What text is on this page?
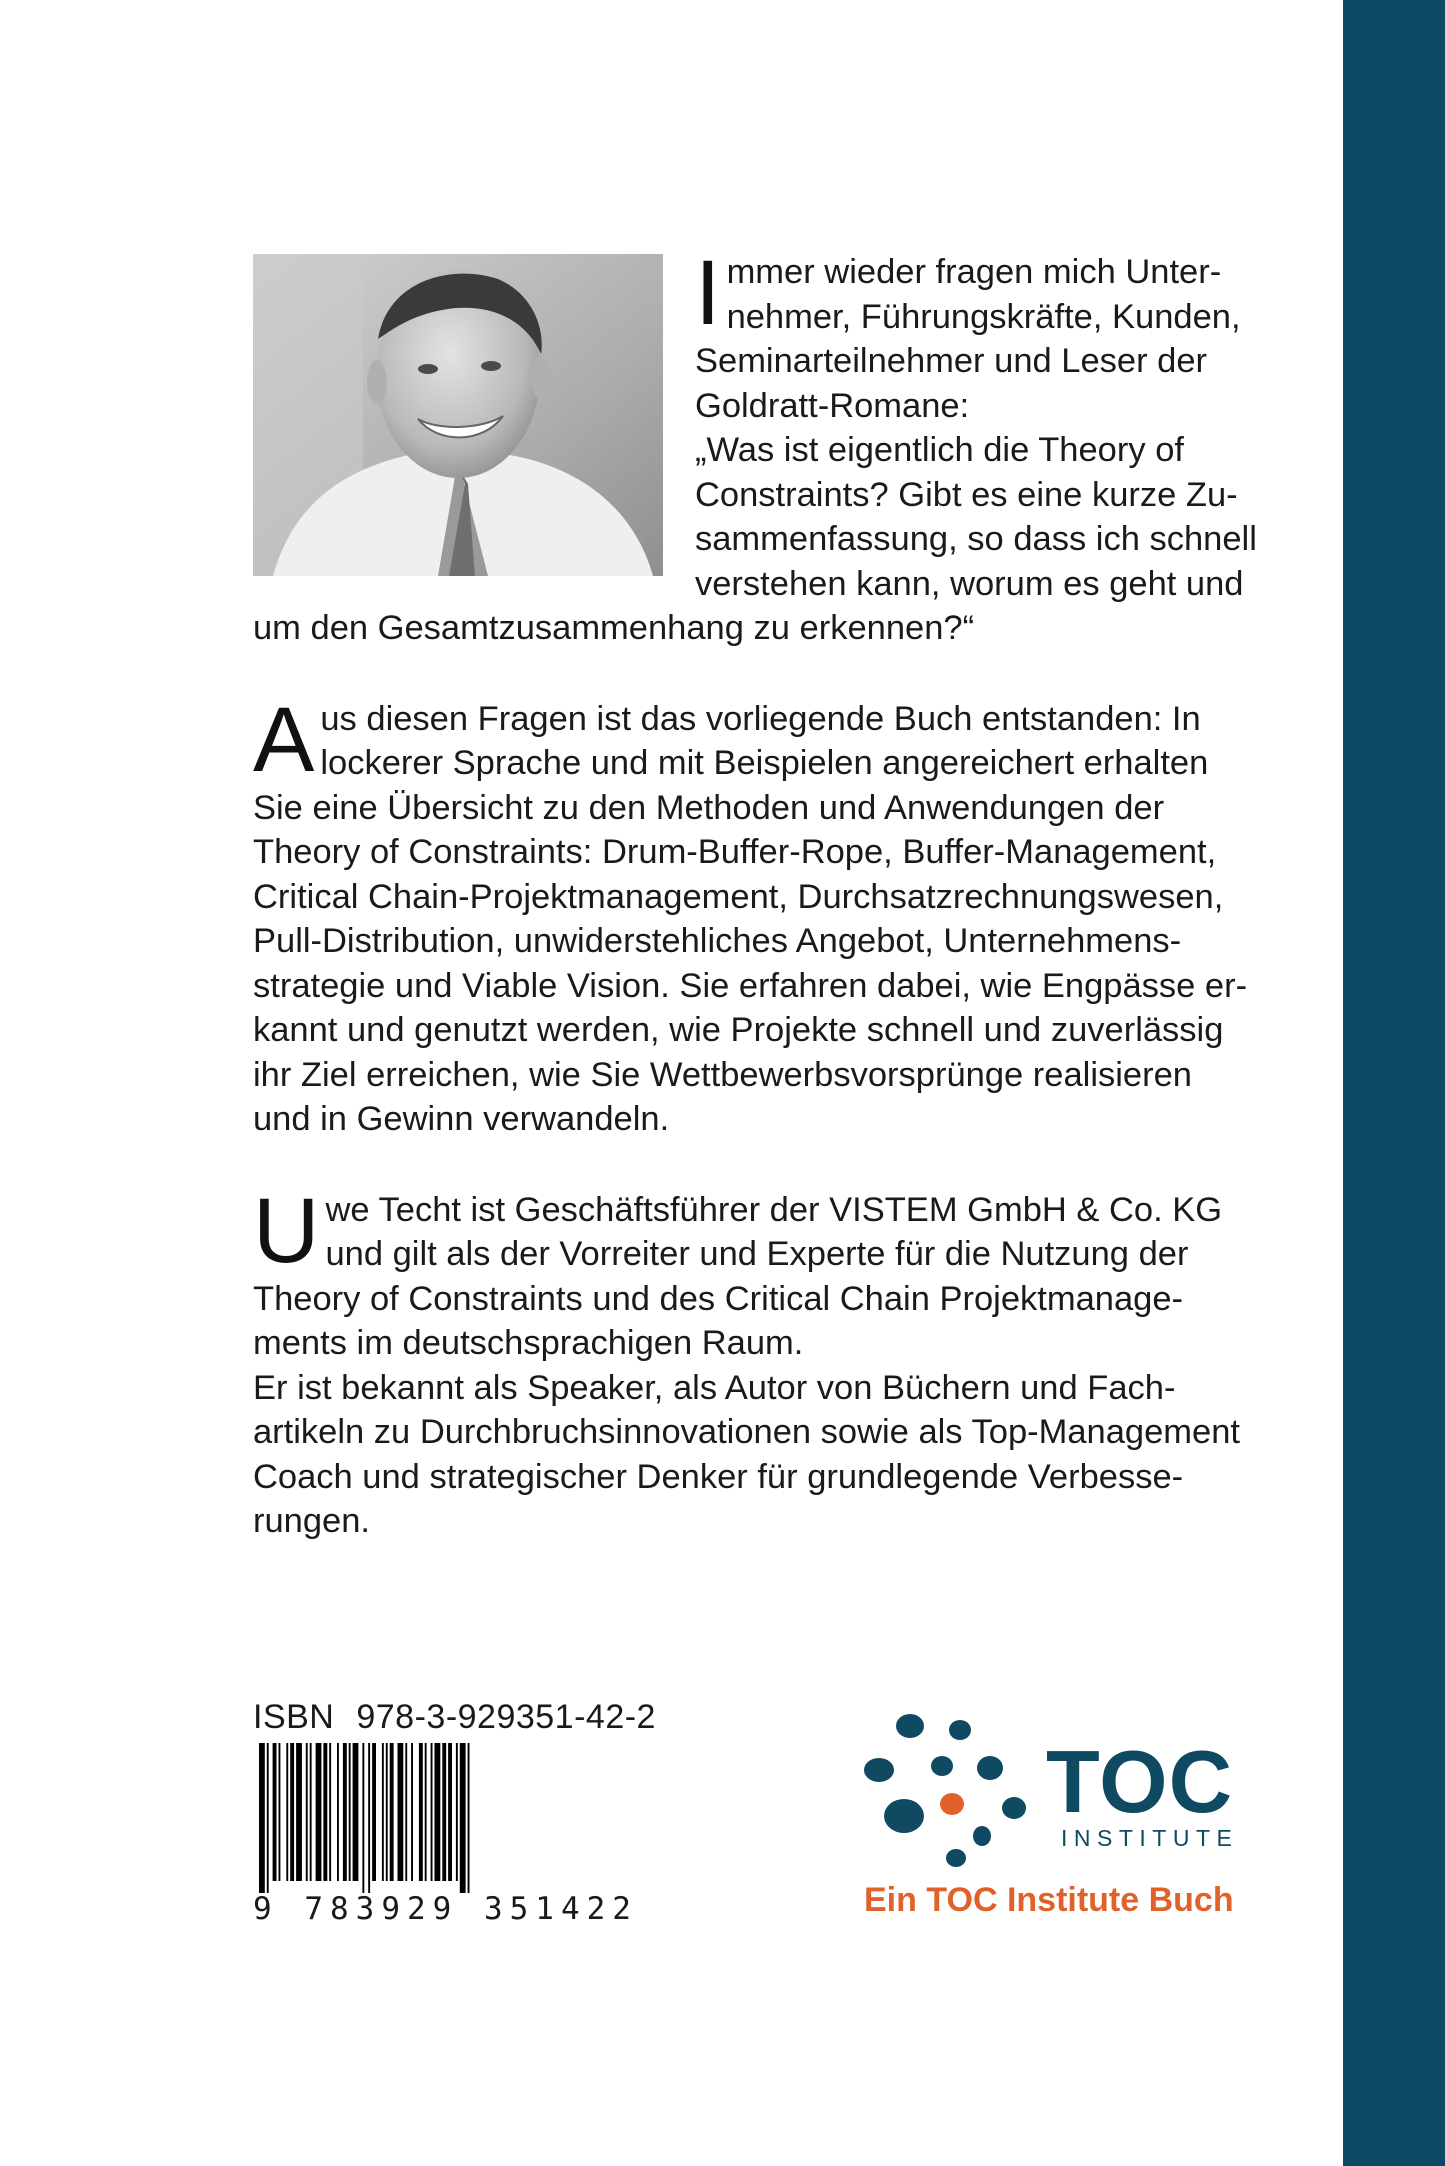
I mmer wieder fragen mich Unter-
nehmer, Führungskräfte, Kunden,
Seminarteilnehmer und Leser der
Goldratt-Romane:
„Was ist eigentlich die Theory of
Constraints? Gibt es eine kurze Zu-
sammenfassung, so dass ich schnell
verstehen kann, worum es geht und
um den Gesamtzusammenhang zu erkennen?“
A us diesen Fragen ist das vorliegende Buch entstanden: In
lockerer Sprache und mit Beispielen angereichert erhalten
Sie eine Übersicht zu den Methoden und Anwendungen der
Theory of Constraints: Drum-Buffer-Rope, Buffer-Management,
Critical Chain-Projektmanagement, Durchsatzrechnungswesen,
Pull-Distribution, unwiderstehliches Angebot, Unternehmens-
strategie und Viable Vision. Sie erfahren dabei, wie Engpässe er-
kannt und genutzt werden, wie Projekte schnell und zuverlässig
ihr Ziel erreichen, wie Sie Wettbewerbsvorsprünge realisieren
und in Gewinn verwandeln.
U we Techt ist Geschäftsführer der VISTEM GmbH & Co. KG
und gilt als der Vorreiter und Experte für die Nutzung der
Theory of Constraints und des Critical Chain Projektmanage-
ments im deutschsprachigen Raum.
Er ist bekannt als Speaker, als Autor von Büchern und Fach-
artikeln zu Durchbruchsinnovationen sowie als Top-Management
Coach und strategischer Denker für grundlegende Verbesse-
rungen.
ISBN 978-3-929351-42-2
9 783929 351422
TOC
INSTITUTE
Ein TOC Institute Buch
